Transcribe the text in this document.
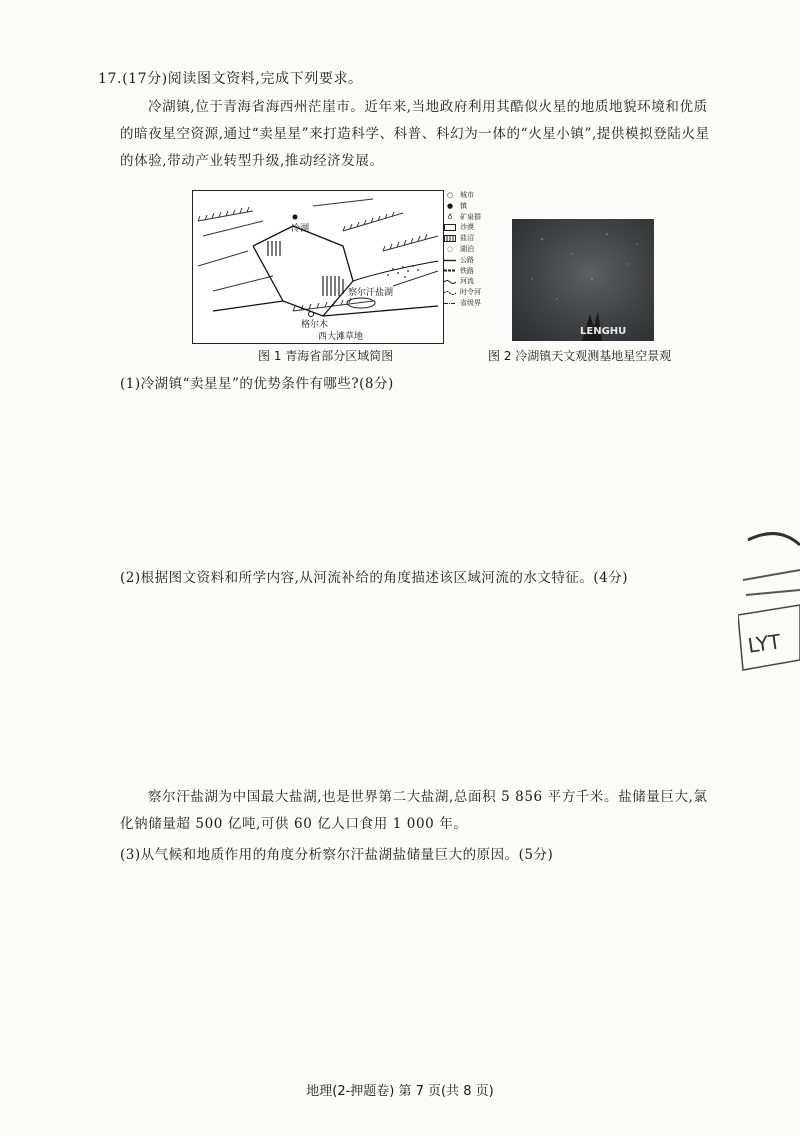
17.(17分)阅读图文资料,完成下列要求。
冷湖镇,位于青海省海西州茫崖市。近年来,当地政府利用其酷似火星的地质地貌环境和优质的暗夜星空资源,通过“卖星星”来打造科学、科普、科幻为一体的“火星小镇”,提供模拟登陆火星的体验,带动产业转型升级,推动经济发展。
冷湖
格尔木
察尔汗盐湖
西大滩草地
○ 城市
● 镇
♁	矿泉群
沙漠
盐沼
◌ 湖泊
公路
铁路
河流
时令河
省级界
LENGHU
图 1 青海省部分区域简图	图 2 冷湖镇天文观测基地星空景观
(1)冷湖镇“卖星星”的优势条件有哪些?(8分)
(2)根据图文资料和所学内容,从河流补给的角度描述该区域河流的水文特征。(4分)
LYT
察尔汗盐湖为中国最大盐湖,也是世界第二大盐湖,总面积 5 856 平方千米。盐储量巨大,氯化钠储量超 500 亿吨,可供 60 亿人口食用 1 000 年。
(3)从气候和地质作用的角度分析察尔汗盐湖盐储量巨大的原因。(5分)
地理(2-押题卷) 第 7 页(共 8 页)
